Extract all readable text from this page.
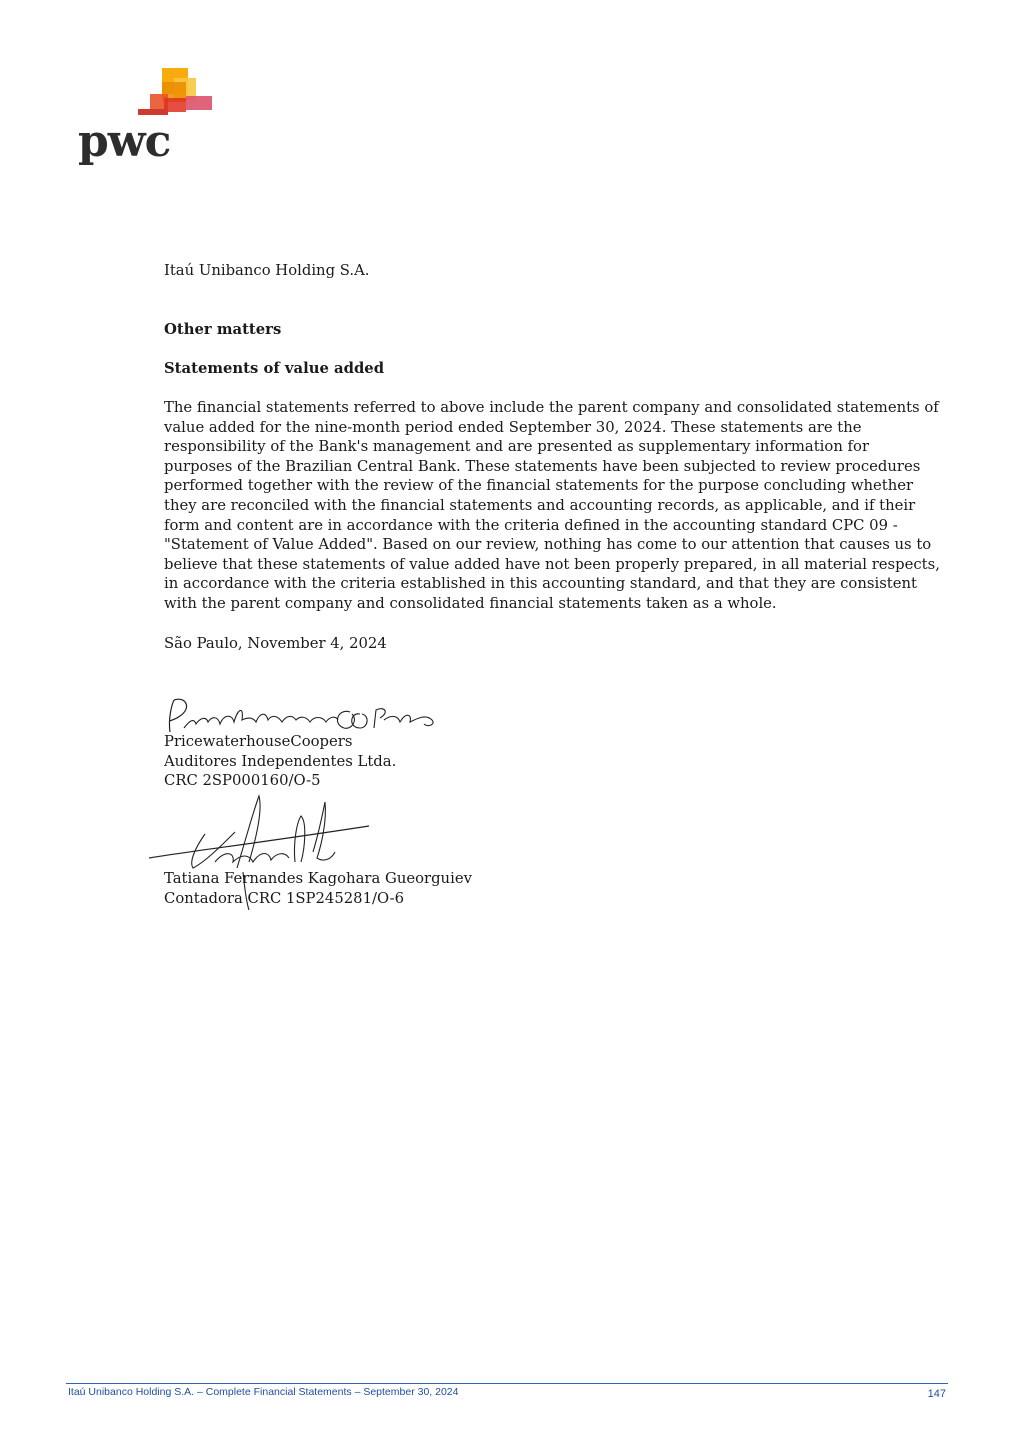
pwc

Itaú Unibanco Holding S.A.

Other matters

Statements of value added

The financial statements referred to above include the parent company and consolidated statements of
value added for the nine-month period ended September 30, 2024. These statements are the
responsibility of the Bank's management and are presented as supplementary information for
purposes of the Brazilian Central Bank. These statements have been subjected to review procedures
performed together with the review of the financial statements for the purpose concluding whether
they are reconciled with the financial statements and accounting records, as applicable, and if their
form and content are in accordance with the criteria defined in the accounting standard CPC 09 -
"Statement of Value Added". Based on our review, nothing has come to our attention that causes us to
believe that these statements of value added have not been properly prepared, in all material respects,
in accordance with the criteria established in this accounting standard, and that they are consistent
with the parent company and consolidated financial statements taken as a whole.

São Paulo, November 4, 2024

PricewaterhouseCoopers
Auditores Independentes Ltda.
CRC 2SP000160/O-5
Tatiana Fernandes Kagohara Gueorguiev
Contadora CRC 1SP245281/O-6
Itaú Unibanco Holding S.A. – Complete Financial Statements – September 30, 2024	147
